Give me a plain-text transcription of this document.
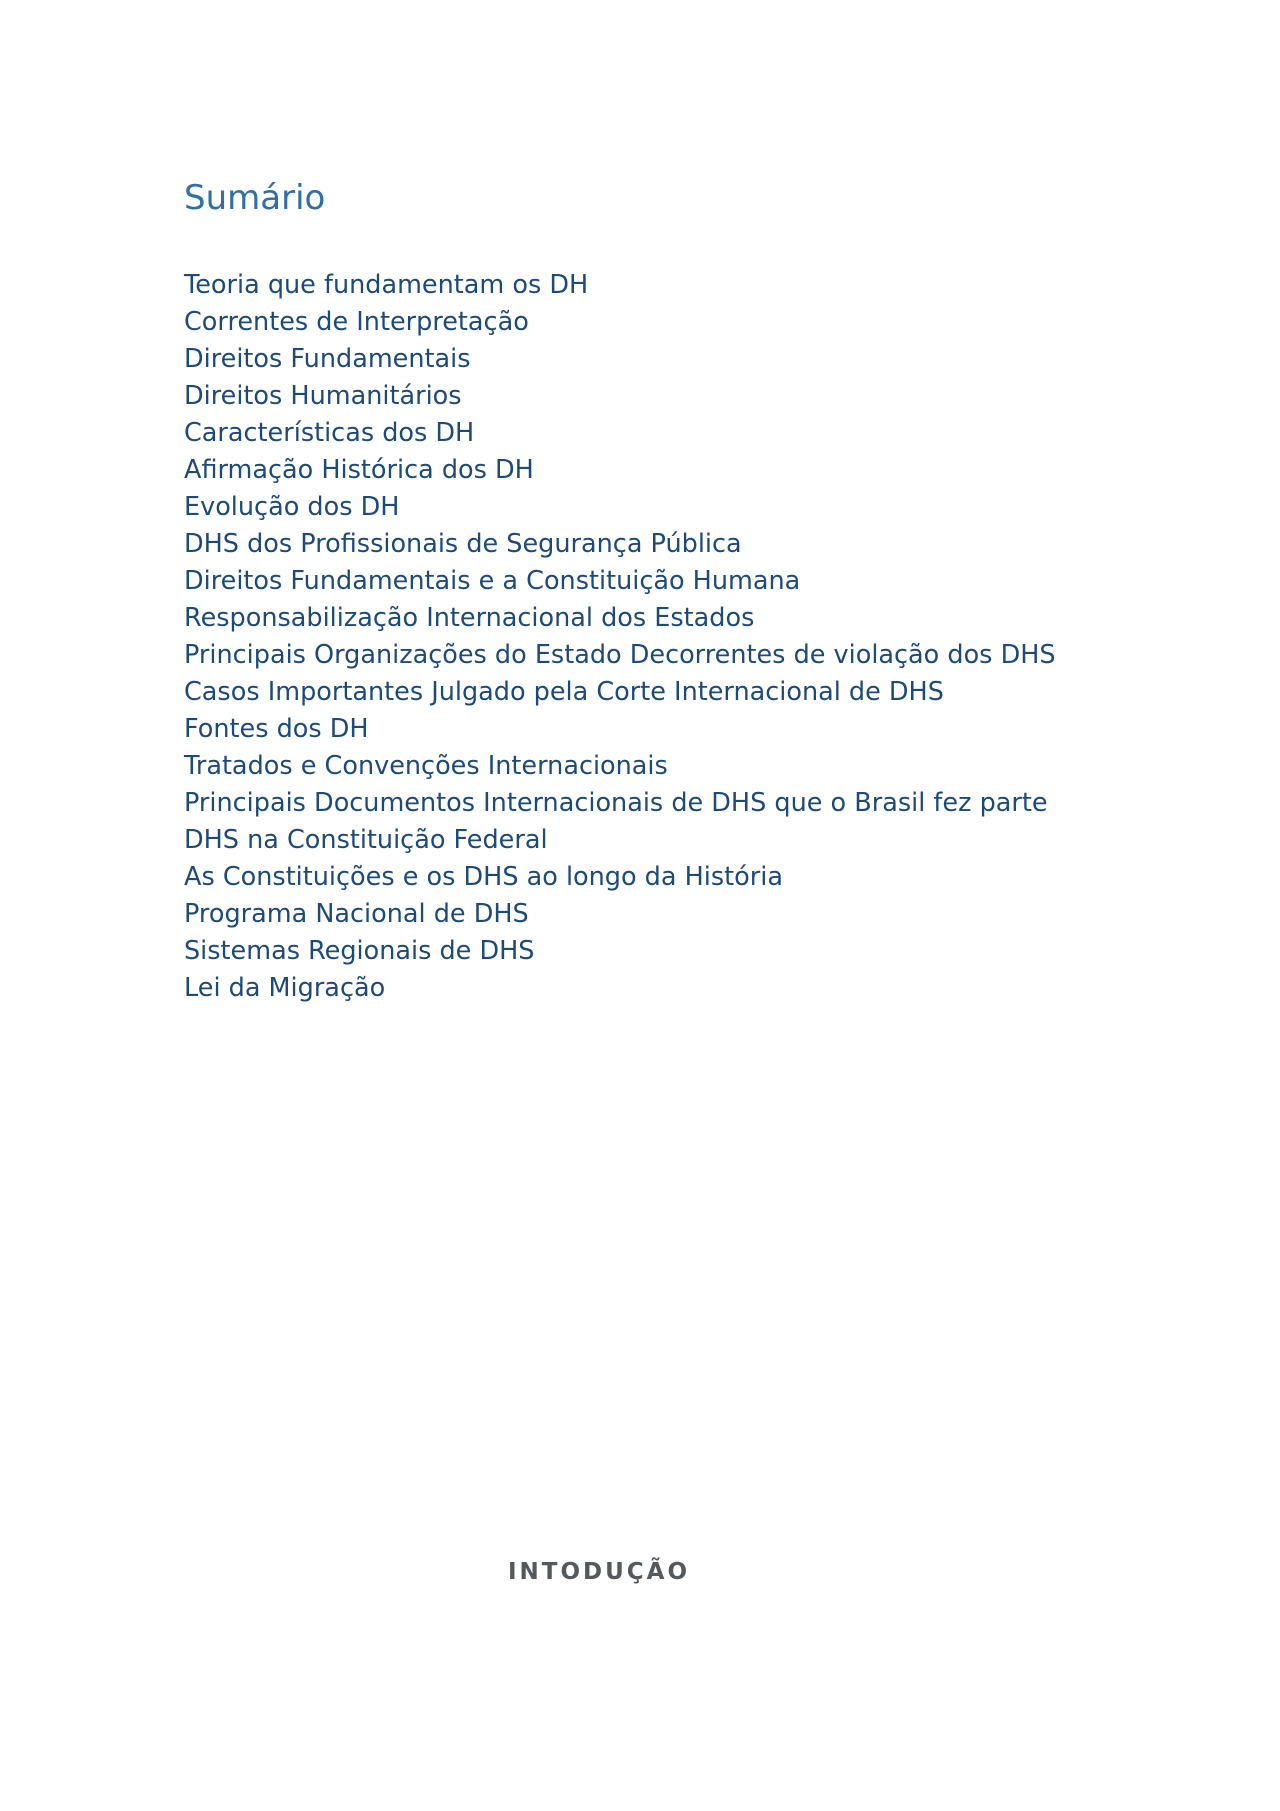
Sumário
Teoria que fundamentam os DH
Correntes de Interpretação
Direitos Fundamentais
Direitos Humanitários
Características dos DH
Afirmação Histórica dos DH
Evolução dos DH
DHS dos Profissionais de Segurança Pública
Direitos Fundamentais e a Constituição Humana
Responsabilização Internacional dos Estados
Principais Organizações do Estado Decorrentes de violação dos DHS
Casos Importantes Julgado pela Corte Internacional de DHS
Fontes dos DH
Tratados e Convenções Internacionais
Principais Documentos Internacionais de DHS que o Brasil fez parte
DHS na Constituição Federal
As Constituições e os DHS ao longo da História
Programa Nacional de DHS
Sistemas Regionais de DHS
Lei da Migração
INTODUÇÃO
